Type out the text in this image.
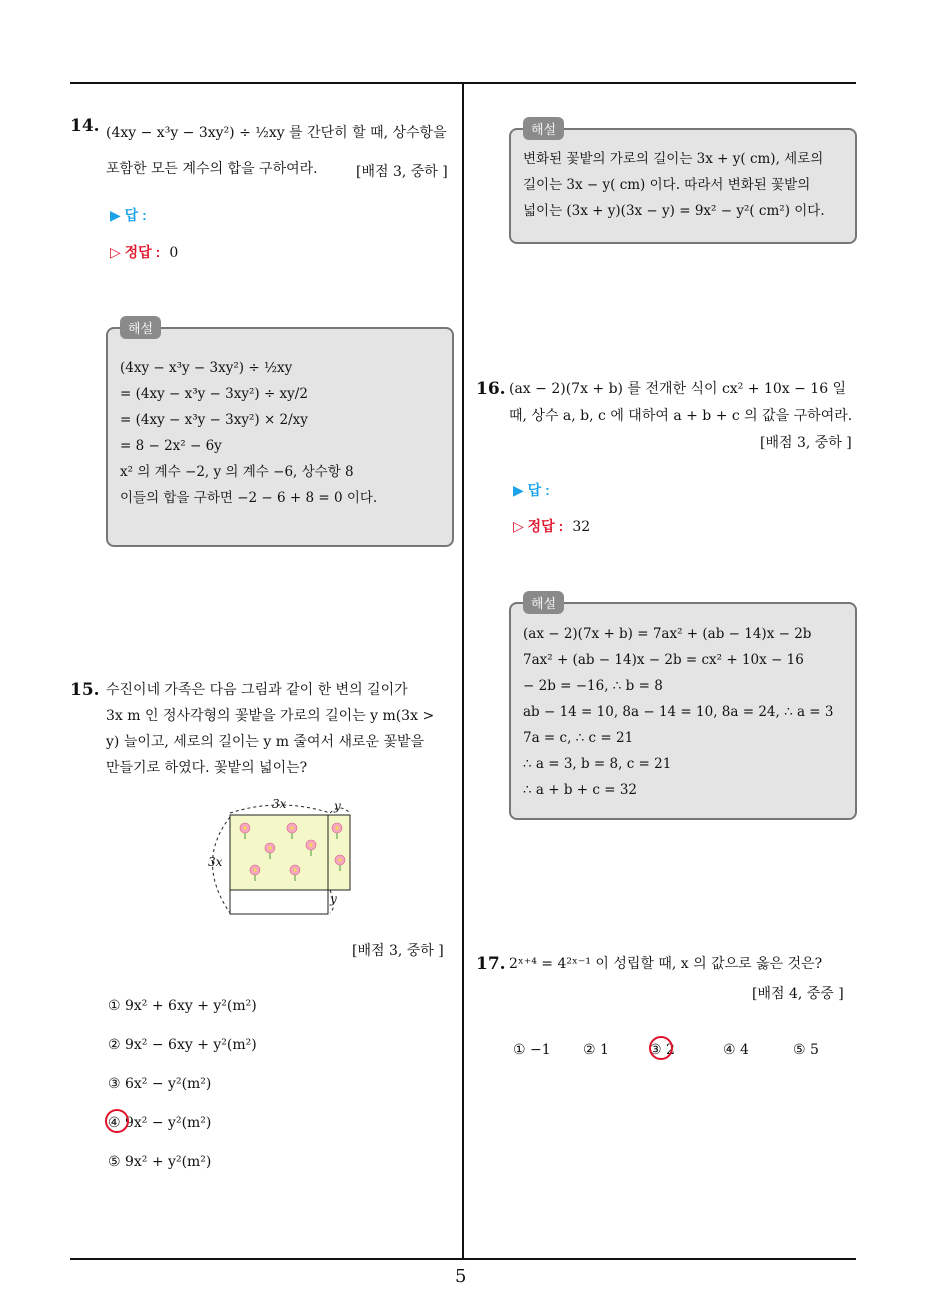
5
14. (4xy − x³y − 3xy²) ÷ ½xy 를 간단히 할 때, 상수항을
포함한 모든 계수의 합을 구하여라.	[배점 3, 중하 ]
▶ 답 :
▷ 정답 : 0
(4xy − x³y − 3xy²) ÷ ½xy
= (4xy − x³y − 3xy²) ÷ xy/2
= (4xy − x³y − 3xy²) × 2/xy
= 8 − 2x² − 6y
x² 의 계수 −2, y 의 계수 −6, 상수항 8
이들의 합을 구하면 −2 − 6 + 8 = 0 이다.
해설
15. 수진이네 가족은 다음 그림과 같이 한 변의 길이가
3x m 인 정사각형의 꽃밭을 가로의 길이는 y m(3x >
y) 늘이고, 세로의 길이는 y m 줄여서 새로운 꽃밭을
만들기로 하였다. 꽃밭의 넓이는?
3x
3x
y
y
[배점 3, 중하 ]
① 9x² + 6xy + y²(m²)
② 9x² − 6xy + y²(m²)
③ 6x² − y²(m²)
④ 9x² − y²(m²)
⑤ 9x² + y²(m²)
변화된 꽃밭의 가로의 길이는 3x + y( cm), 세로의
길이는 3x − y( cm) 이다. 따라서 변화된 꽃밭의
넓이는 (3x + y)(3x − y) = 9x² − y²( cm²) 이다.
해설
16. (ax − 2)(7x + b) 를 전개한 식이 cx² + 10x − 16 일
때, 상수 a, b, c 에 대하여 a + b + c 의 값을 구하여라.
[배점 3, 중하 ]
▶ 답 :
▷ 정답 : 32
(ax − 2)(7x + b) = 7ax² + (ab − 14)x − 2b
7ax² + (ab − 14)x − 2b = cx² + 10x − 16
− 2b = −16, ∴ b = 8
ab − 14 = 10, 8a − 14 = 10, 8a = 24, ∴ a = 3
7a = c, ∴ c = 21
∴ a = 3, b = 8, c = 21
∴ a + b + c = 32
해설
17. 2ˣ⁺⁴ = 4²ˣ⁻¹ 이 성립할 때, x 의 값으로 옳은 것은?
[배점 4, 중중 ]
① −1 ② 1	③ 2	④ 4	⑤ 5
